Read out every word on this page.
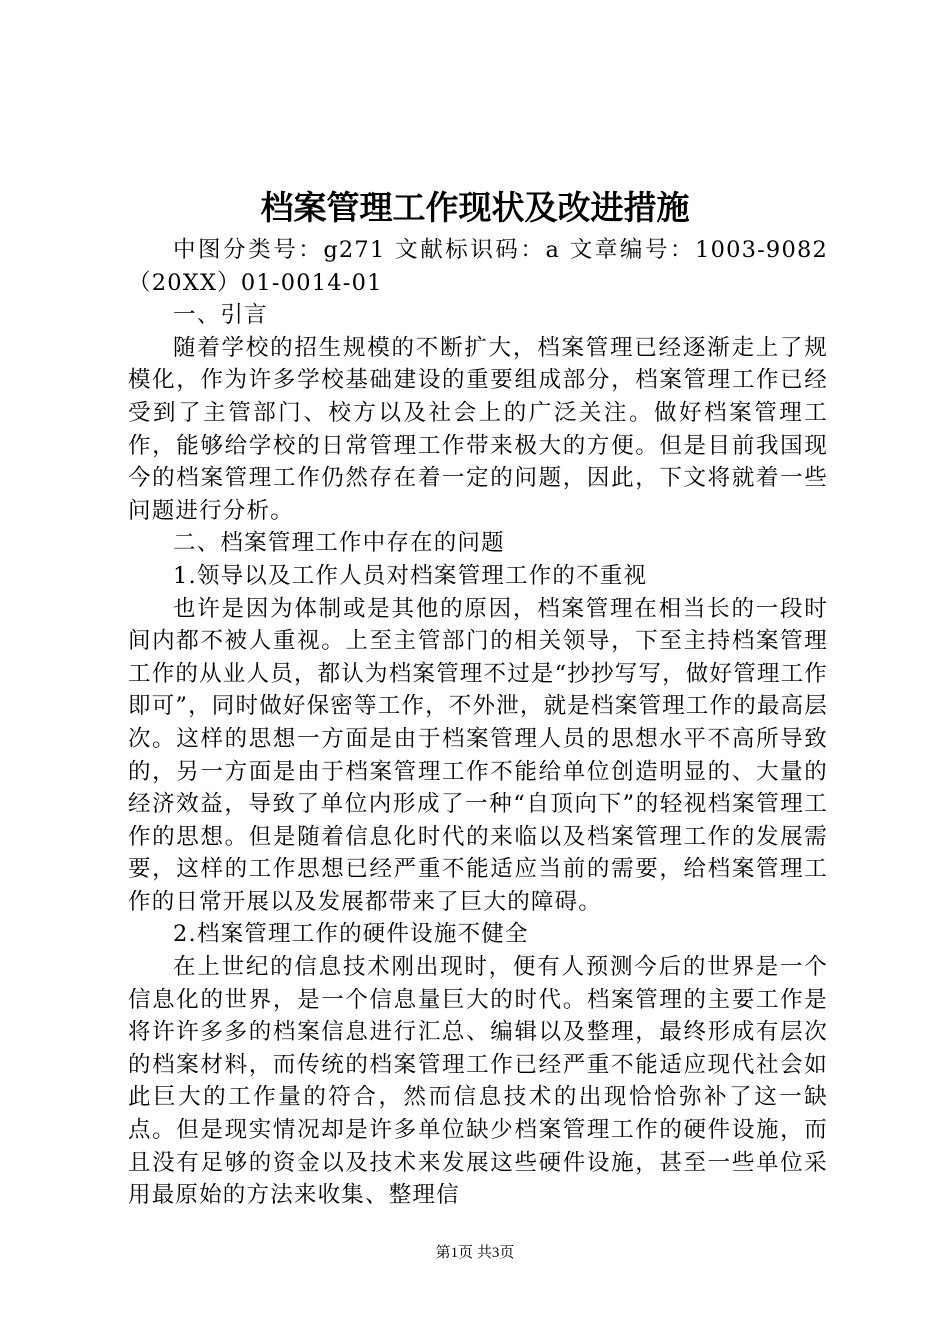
档案管理工作现状及改进措施

中图分类号：g271 文献标识码：a 文章编号：1003-9082（20XX）01-0014-01

一、引言

随着学校的招生规模的不断扩大，档案管理已经逐渐走上了规模化，作为许多学校基础建设的重要组成部分，档案管理工作已经受到了主管部门、校方以及社会上的广泛关注。做好档案管理工作，能够给学校的日常管理工作带来极大的方便。但是目前我国现今的档案管理工作仍然存在着一定的问题，因此，下文将就着一些问题进行分析。

二、档案管理工作中存在的问题

1.领导以及工作人员对档案管理工作的不重视

也许是因为体制或是其他的原因，档案管理在相当长的一段时间内都不被人重视。上至主管部门的相关领导，下至主持档案管理工作的从业人员，都认为档案管理不过是“抄抄写写，做好管理工作即可”，同时做好保密等工作，不外泄，就是档案管理工作的最高层次。这样的思想一方面是由于档案管理人员的思想水平不高所导致的，另一方面是由于档案管理工作不能给单位创造明显的、大量的经济效益，导致了单位内形成了一种“自顶向下”的轻视档案管理工作的思想。但是随着信息化时代的来临以及档案管理工作的发展需要，这样的工作思想已经严重不能适应当前的需要，给档案管理工作的日常开展以及发展都带来了巨大的障碍。

2.档案管理工作的硬件设施不健全

在上世纪的信息技术刚出现时，便有人预测今后的世界是一个信息化的世界，是一个信息量巨大的时代。档案管理的主要工作是将许许多多的档案信息进行汇总、编辑以及整理，最终形成有层次的档案材料，而传统的档案管理工作已经严重不能适应现代社会如此巨大的工作量的符合，然而信息技术的出现恰恰弥补了这一缺点。但是现实情况却是许多单位缺少档案管理工作的硬件设施，而且没有足够的资金以及技术来发展这些硬件设施，甚至一些单位采用最原始的方法来收集、整理信

第1页 共3页
